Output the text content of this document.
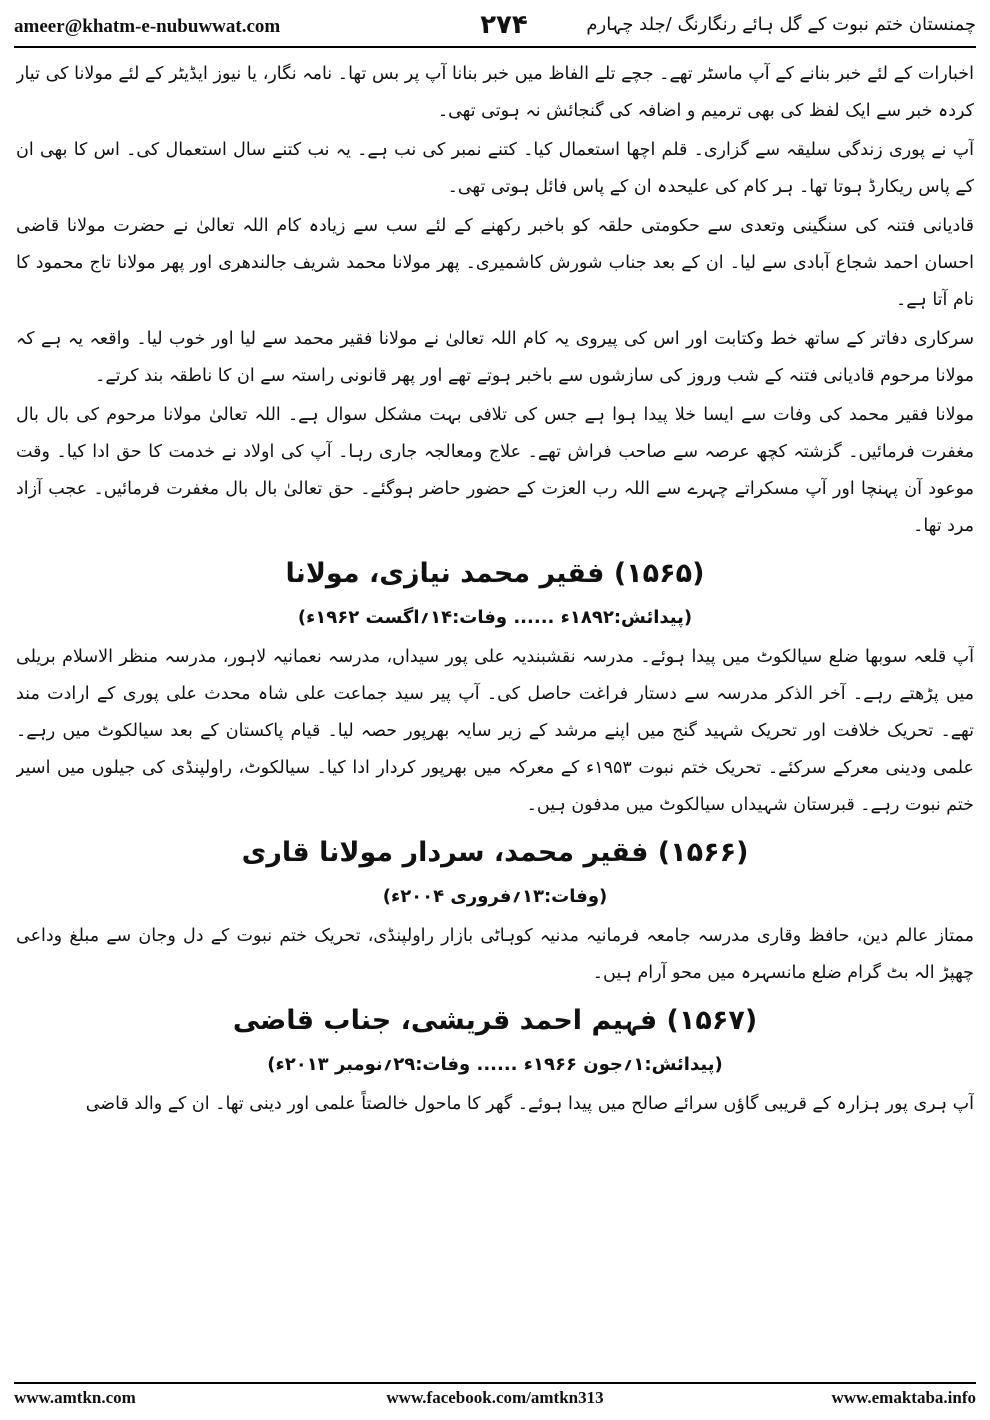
ameer@khatm-e-nubuwwat.com	۲۷۴	چمنستان ختم نبوت کے گل ہائے رنگارنگ /جلد چہارم

اخبارات کے لئے خبر بنانے کے آپ ماسٹر تھے۔ جچے تلے الفاظ میں خبر بنانا آپ پر بس تھا۔ نامہ نگار، یا نیوز ایڈیٹر کے لئے مولانا کی تیار کردہ خبر سے ایک لفظ کی بھی ترمیم و اضافہ کی گنجائش نہ ہوتی تھی۔

آپ نے پوری زندگی سلیقہ سے گزاری۔ قلم اچھا استعمال کیا۔ کتنے نمبر کی نب ہے۔ یہ نب کتنے سال استعمال کی۔ اس کا بھی ان کے پاس ریکارڈ ہوتا تھا۔ ہر کام کی علیحدہ ان کے پاس فائل ہوتی تھی۔

قادیانی فتنہ کی سنگینی وتعدی سے حکومتی حلقہ کو باخبر رکھنے کے لئے سب سے زیادہ کام اللہ تعالیٰ نے حضرت مولانا قاضی احسان احمد شجاع آبادی سے لیا۔ ان کے بعد جناب شورش کاشمیری۔ پھر مولانا محمد شریف جالندھری اور پھر مولانا تاج محمود کا نام آتا ہے۔

سرکاری دفاتر کے ساتھ خط وکتابت اور اس کی پیروی یہ کام اللہ تعالیٰ نے مولانا فقیر محمد سے لیا اور خوب لیا۔ واقعہ یہ ہے کہ مولانا مرحوم قادیانی فتنہ کے شب وروز کی سازشوں سے باخبر ہوتے تھے اور پھر قانونی راستہ سے ان کا ناطقہ بند کرتے۔

مولانا فقیر محمد کی وفات سے ایسا خلا پیدا ہوا ہے جس کی تلافی بہت مشکل سوال ہے۔ اللہ تعالیٰ مولانا مرحوم کی بال بال مغفرت فرمائیں۔ گزشتہ کچھ عرصہ سے صاحب فراش تھے۔ علاج ومعالجہ جاری رہا۔ آپ کی اولاد نے خدمت کا حق ادا کیا۔ وقت موعود آن پہنچا اور آپ مسکراتے چہرے سے اللہ رب العزت کے حضور حاضر ہوگئے۔ حق تعالیٰ بال بال مغفرت فرمائیں۔ عجب آزاد مرد تھا۔

(۱۵۶۵) فقیر محمد نیازی، مولانا
(پیدائش:۱۸۹۲ء ...... وفات:۱۴؍اگست ۱۹۶۲ء)

آپ قلعہ سوبھا ضلع سیالکوٹ میں پیدا ہوئے۔ مدرسہ نقشبندیہ علی پور سیداں، مدرسہ نعمانیہ لاہور، مدرسہ منظر الاسلام بریلی میں پڑھتے رہے۔ آخر الذکر مدرسہ سے دستار فراغت حاصل کی۔ آپ پیر سید جماعت علی شاہ محدث علی پوری کے ارادت مند تھے۔ تحریک خلافت اور تحریک شہید گنج میں اپنے مرشد کے زیر سایہ بھرپور حصہ لیا۔ قیام پاکستان کے بعد سیالکوٹ میں رہے۔ علمی ودینی معرکے سرکئے۔ تحریک ختم نبوت ۱۹۵۳ء کے معرکہ میں بھرپور کردار ادا کیا۔ سیالکوٹ، راولپنڈی کی جیلوں میں اسیر ختم نبوت رہے۔ قبرستان شہیداں سیالکوٹ میں مدفون ہیں۔

(۱۵۶۶) فقیر محمد، سردار مولانا قاری
(وفات:۱۳؍فروری ۲۰۰۴ء)

ممتاز عالم دین، حافظ وقاری مدرسہ جامعہ فرمانیہ مدنیہ کوہاٹی بازار راولپنڈی، تحریک ختم نبوت کے دل وجان سے مبلغ وداعی چھپڑ الہ بٹ گرام ضلع مانسہرہ میں محو آرام ہیں۔

(۱۵۶۷) فہیم احمد قریشی، جناب قاضی
(پیدائش:۱؍جون ۱۹۶۶ء ...... وفات:۲۹؍نومبر ۲۰۱۳ء)

آپ ہری پور ہزارہ کے قریبی گاؤں سرائے صالح میں پیدا ہوئے۔ گھر کا ماحول خالصتاً علمی اور دینی تھا۔ ان کے والد قاضی

www.amtkn.com	www.facebook.com/amtkn313	www.emaktaba.info
